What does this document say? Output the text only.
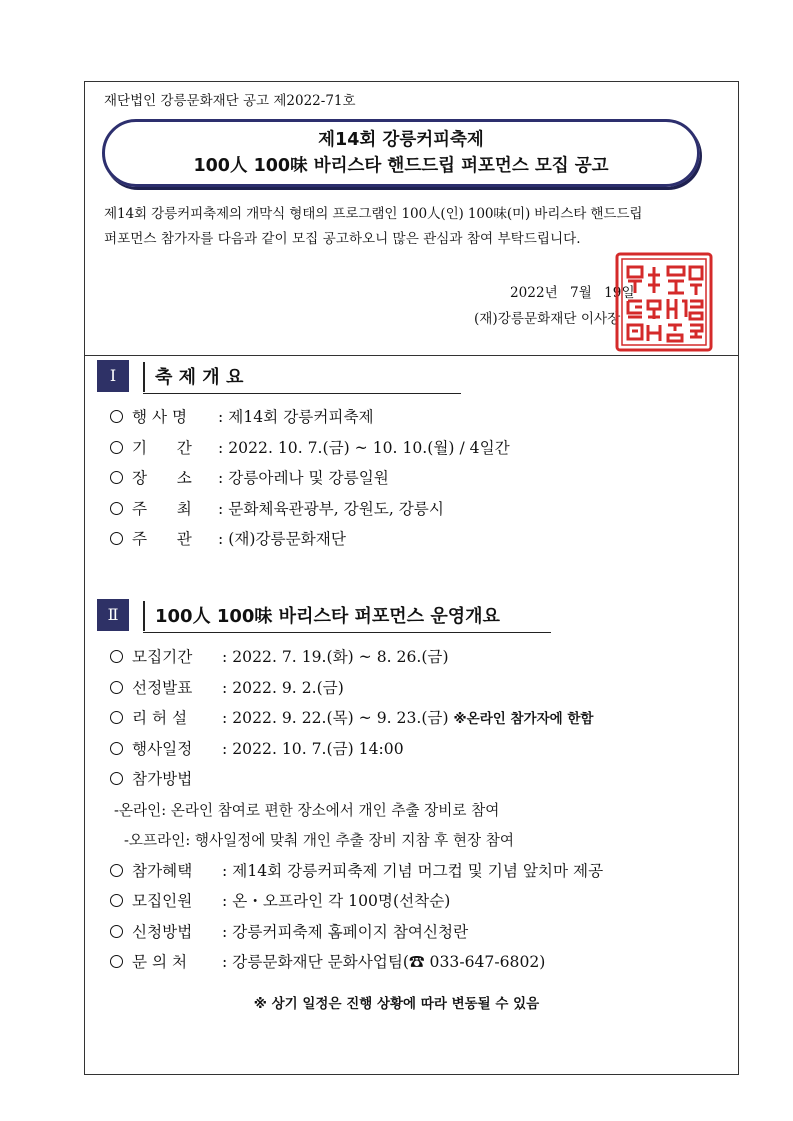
재단법인 강릉문화재단 공고 제2022-71호
제14회 강릉커피축제
100人 100味 바리스타 핸드드립 퍼포먼스 모집 공고
제14회 강릉커피축제의 개막식 형태의 프로그램인 100人(인) 100味(미) 바리스타 핸드드립
퍼포먼스 참가자를 다음과 같이 모집 공고하오니 많은 관심과 참여 부탁드립니다.
2022년 7월 19일
(재)강릉문화재단 이사장
Ⅰ	축 제 개 요
행 사 명 : 제14회 강릉커피축제
기      간 : 2022. 10. 7.(금) ~ 10. 10.(월) / 4일간
장      소 : 강릉아레나 및 강릉일원
주      최 : 문화체육관광부, 강원도, 강릉시
주      관 : (재)강릉문화재단
Ⅱ	100人 100味 바리스타 퍼포먼스 운영개요
모집기간 : 2022. 7. 19.(화) ~ 8. 26.(금)
선정발표 : 2022. 9. 2.(금)
리 허 설 : 2022. 9. 22.(목) ~ 9. 23.(금) ※온라인 참가자에 한함
행사일정 : 2022. 10. 7.(금) 14:00
참가방법
-온라인: 온라인 참여로 편한 장소에서 개인 추출 장비로 참여
-오프라인: 행사일정에 맞춰 개인 추출 장비 지참 후 현장 참여
참가혜택 : 제14회 강릉커피축제 기념 머그컵 및 기념 앞치마 제공
모집인원 : 온・오프라인 각 100명(선착순)
신청방법 : 강릉커피축제 홈페이지 참여신청란
문 의 처 : 강릉문화재단 문화사업팀(☎ 033-647-6802)
※ 상기 일정은 진행 상황에 따라 변동될 수 있음
